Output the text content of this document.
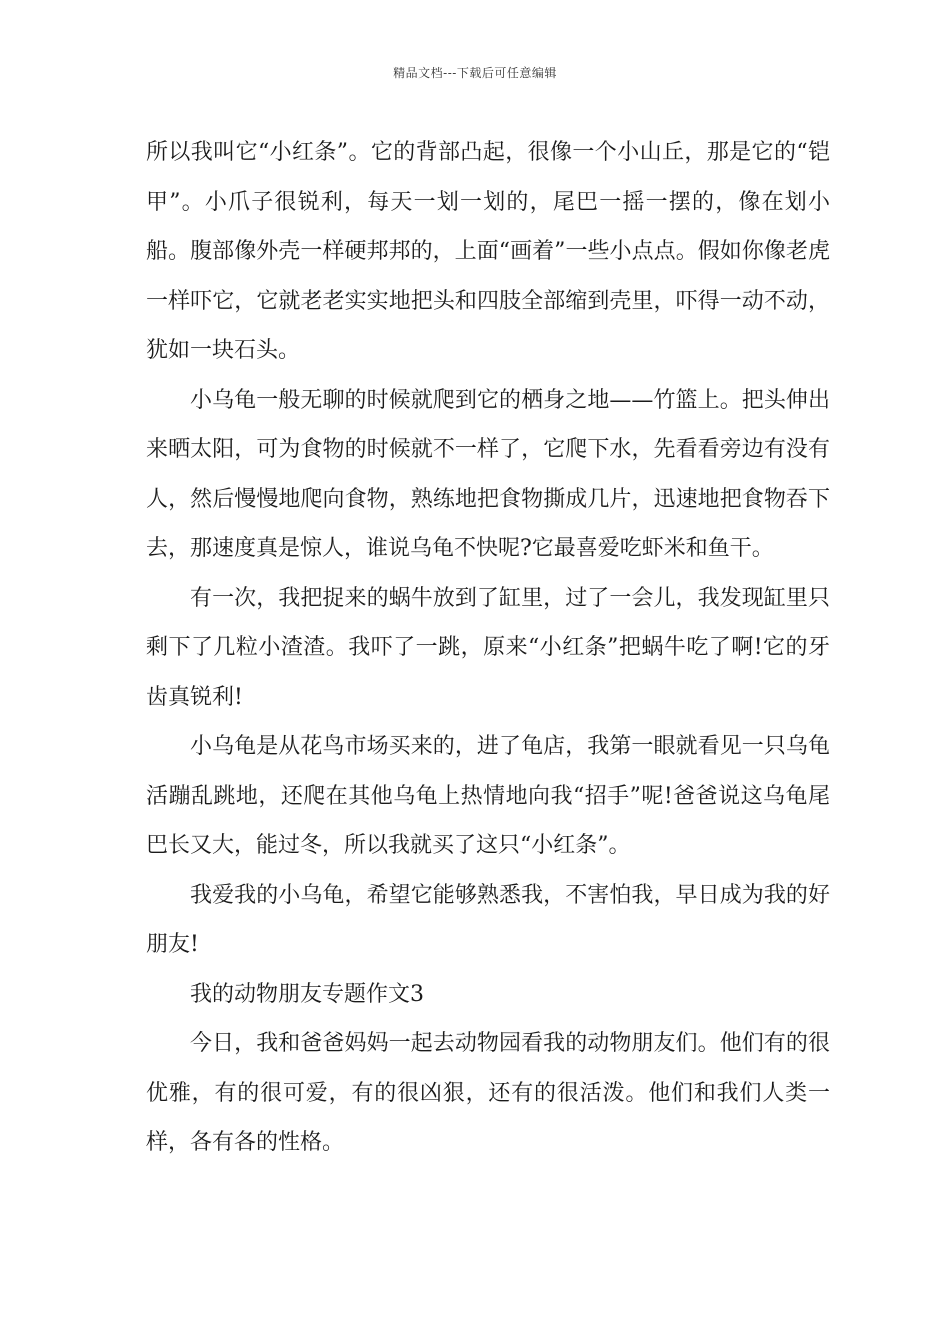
精品文档---下载后可任意编辑

所以我叫它“小红条”。它的背部凸起，很像一个小山丘，那是它的“铠甲”。小爪子很锐利，每天一划一划的，尾巴一摇一摆的，像在划小船。腹部像外壳一样硬邦邦的，上面“画着”一些小点点。假如你像老虎一样吓它，它就老老实实地把头和四肢全部缩到壳里，吓得一动不动，犹如一块石头。

小乌龟一般无聊的时候就爬到它的栖身之地——竹篮上。把头伸出来晒太阳，可为食物的时候就不一样了，它爬下水，先看看旁边有没有人，然后慢慢地爬向食物，熟练地把食物撕成几片，迅速地把食物吞下去，那速度真是惊人，谁说乌龟不快呢?它最喜爱吃虾米和鱼干。

有一次，我把捉来的蜗牛放到了缸里，过了一会儿，我发现缸里只剩下了几粒小渣渣。我吓了一跳，原来“小红条”把蜗牛吃了啊!它的牙齿真锐利!

小乌龟是从花鸟市场买来的，进了龟店，我第一眼就看见一只乌龟活蹦乱跳地，还爬在其他乌龟上热情地向我“招手”呢!爸爸说这乌龟尾巴长又大，能过冬，所以我就买了这只“小红条”。

我爱我的小乌龟，希望它能够熟悉我，不害怕我，早日成为我的好朋友!

我的动物朋友专题作文3

今日，我和爸爸妈妈一起去动物园看我的动物朋友们。他们有的很优雅，有的很可爱，有的很凶狠，还有的很活泼。他们和我们人类一样，各有各的性格。
